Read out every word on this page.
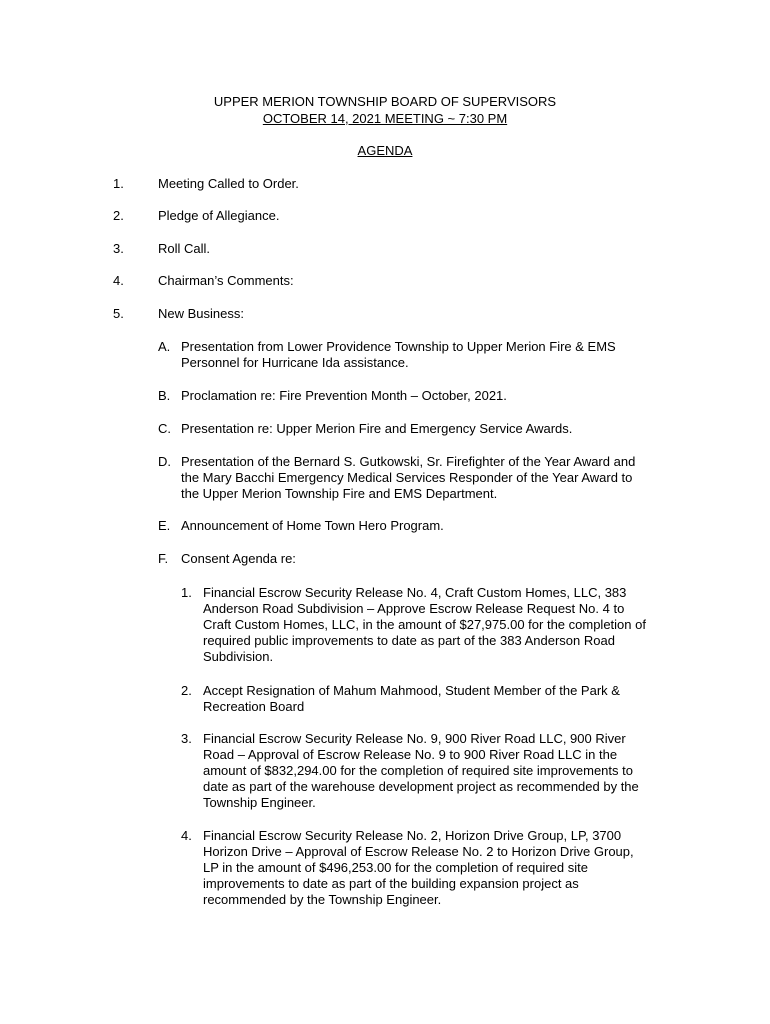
UPPER MERION TOWNSHIP BOARD OF SUPERVISORS
OCTOBER 14, 2021 MEETING ~ 7:30 PM
AGENDA
1.	Meeting Called to Order.
2.	Pledge of Allegiance.
3.	Roll Call.
4.	Chairman’s Comments:
5.	New Business:
A. Presentation from Lower Providence Township to Upper Merion Fire & EMS
Personnel for Hurricane Ida assistance.
B. Proclamation re: Fire Prevention Month – October, 2021.
C. Presentation re: Upper Merion Fire and Emergency Service Awards.
D. Presentation of the Bernard S. Gutkowski, Sr. Firefighter of the Year Award and
the Mary Bacchi Emergency Medical Services Responder of the Year Award to
the Upper Merion Township Fire and EMS Department.
E. Announcement of Home Town Hero Program.
F. Consent Agenda re:
1. Financial Escrow Security Release No. 4, Craft Custom Homes, LLC, 383
Anderson Road Subdivision – Approve Escrow Release Request No. 4 to
Craft Custom Homes, LLC, in the amount of $27,975.00 for the completion of
required public improvements to date as part of the 383 Anderson Road
Subdivision.
2. Accept Resignation of Mahum Mahmood, Student Member of the Park &
Recreation Board
3. Financial Escrow Security Release No. 9, 900 River Road LLC, 900 River
Road – Approval of Escrow Release No. 9 to 900 River Road LLC in the
amount of $832,294.00 for the completion of required site improvements to
date as part of the warehouse development project as recommended by the
Township Engineer.
4. Financial Escrow Security Release No. 2, Horizon Drive Group, LP, 3700
Horizon Drive – Approval of Escrow Release No. 2 to Horizon Drive Group,
LP in the amount of $496,253.00 for the completion of required site
improvements to date as part of the building expansion project as
recommended by the Township Engineer.
